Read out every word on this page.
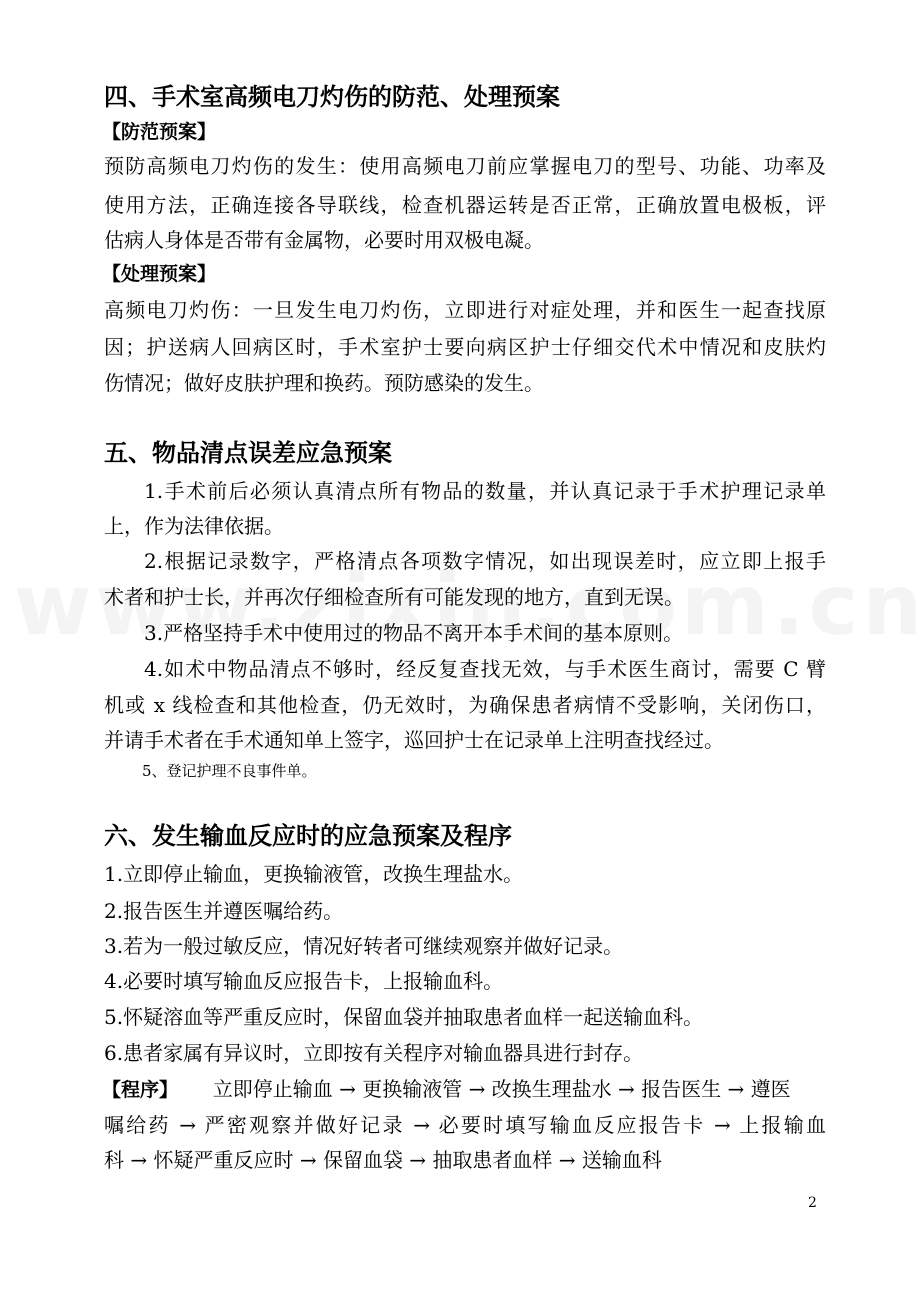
四、手术室高频电刀灼伤的防范、处理预案
【防范预案】
预防高频电刀灼伤的发生：使用高频电刀前应掌握电刀的型号、功能、功率及
使用方法，正确连接各导联线，检查机器运转是否正常，正确放置电极板，评
估病人身体是否带有金属物，必要时用双极电凝。
【处理预案】
高频电刀灼伤：一旦发生电刀灼伤，立即进行对症处理，并和医生一起查找原
因；护送病人回病区时，手术室护士要向病区护士仔细交代术中情况和皮肤灼
伤情况；做好皮肤护理和换药。预防感染的发生。
五、物品清点误差应急预案
1.手术前后必须认真清点所有物品的数量，并认真记录于手术护理记录单
上，作为法律依据。
2.根据记录数字，严格清点各项数字情况，如出现误差时，应立即上报手
术者和护士长，并再次仔细检查所有可能发现的地方，直到无误。
3.严格坚持手术中使用过的物品不离开本手术间的基本原则。
4.如术中物品清点不够时，经反复查找无效，与手术医生商讨，需要 C 臂
机或 x 线检查和其他检查，仍无效时，为确保患者病情不受影响，关闭伤口，
并请手术者在手术通知单上签字，巡回护士在记录单上注明查找经过。
5、登记护理不良事件单。
六、发生输血反应时的应急预案及程序
1.立即停止输血，更换输液管，改换生理盐水。
2.报告医生并遵医嘱给药。
3.若为一般过敏反应，情况好转者可继续观察并做好记录。
4.必要时填写输血反应报告卡，上报输血科。
5.怀疑溶血等严重反应时，保留血袋并抽取患者血样一起送输血科。
6.患者家属有异议时，立即按有关程序对输血器具进行封存。
【程序】 立即停止输血 → 更换输液管 → 改换生理盐水 → 报告医生 → 遵医
嘱给药 → 严密观察并做好记录 → 必要时填写输血反应报告卡 → 上报输血
科 → 怀疑严重反应时 → 保留血袋 → 抽取患者血样 → 送输血科
2
